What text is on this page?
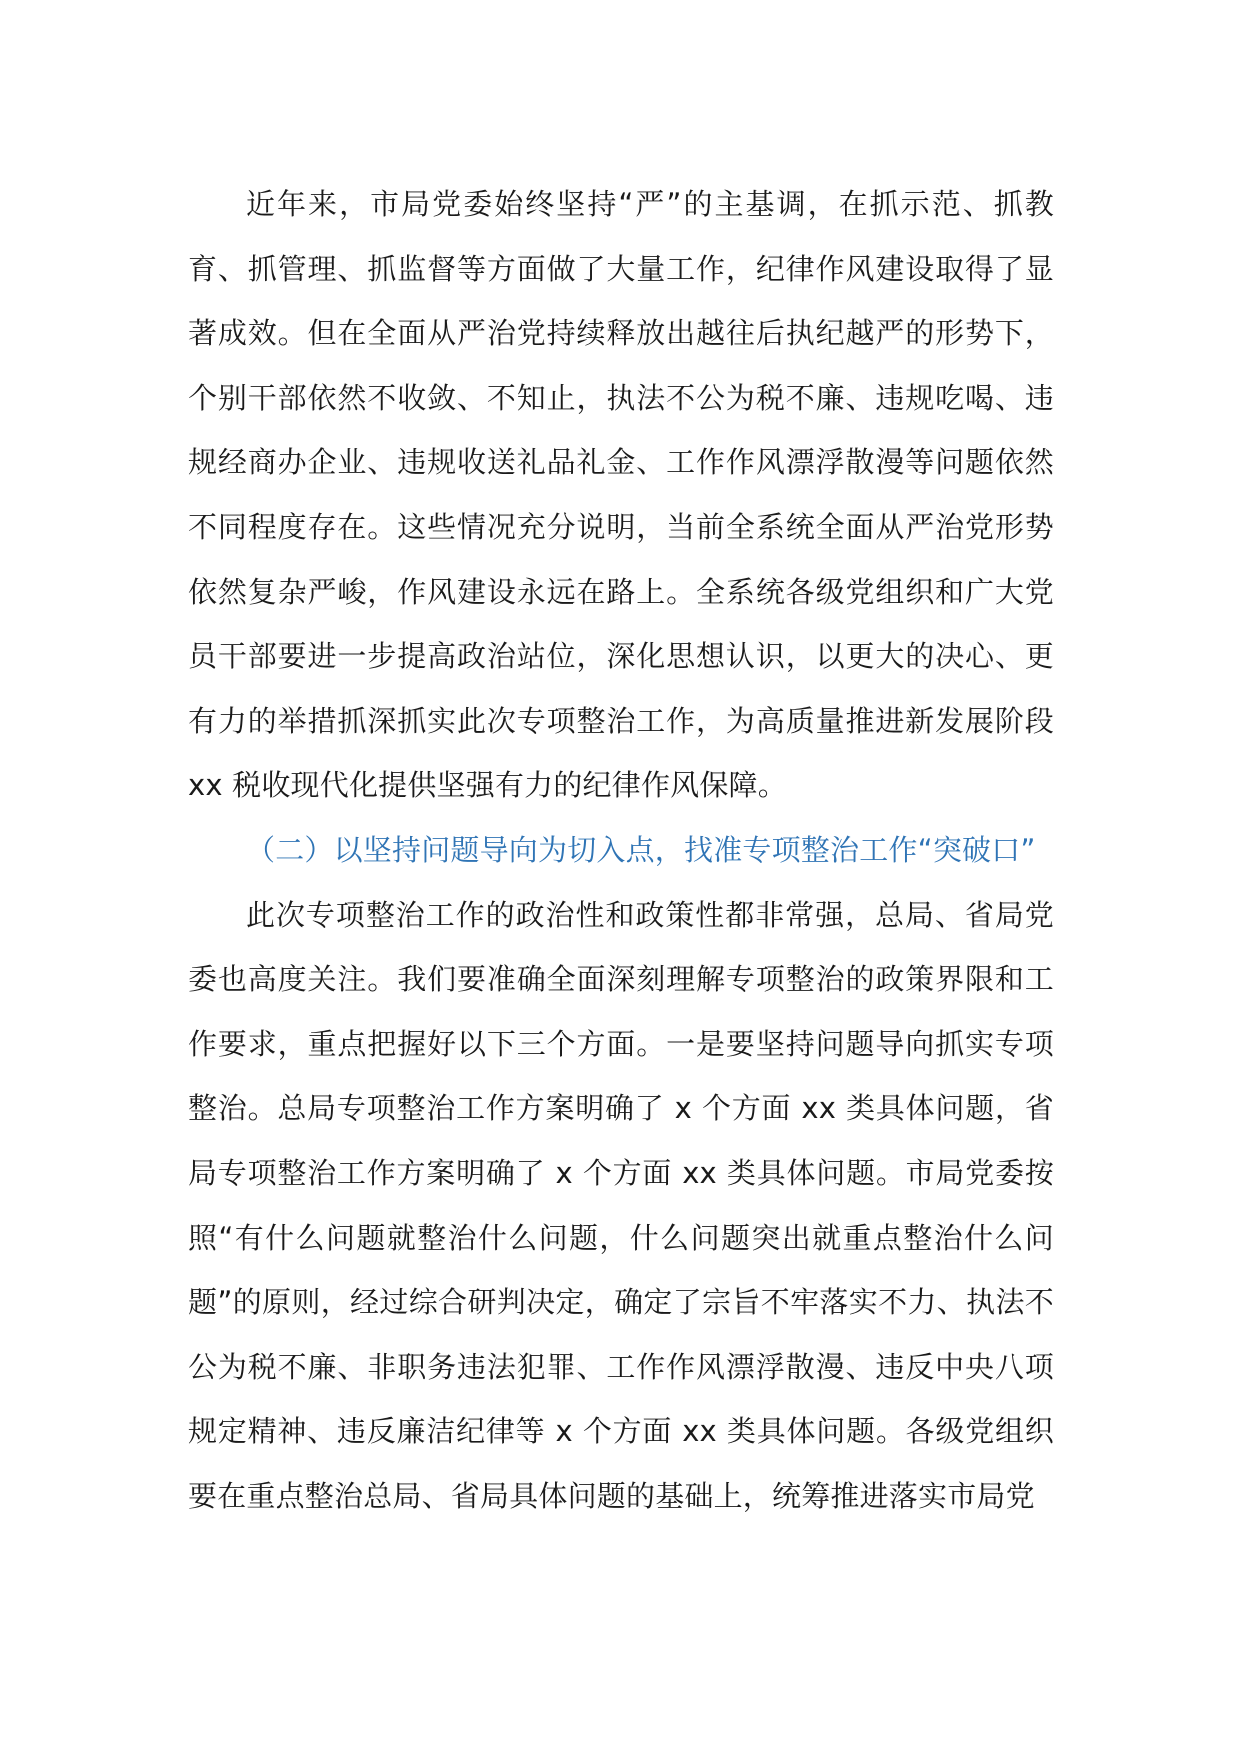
近年来，市局党委始终坚持“严”的主基调，在抓示范、抓教育、抓管理、抓监督等方面做了大量工作，纪律作风建设取得了显著成效。但在全面从严治党持续释放出越往后执纪越严的形势下，个别干部依然不收敛、不知止，执法不公为税不廉、违规吃喝、违规经商办企业、违规收送礼品礼金、工作作风漂浮散漫等问题依然不同程度存在。这些情况充分说明，当前全系统全面从严治党形势依然复杂严峻，作风建设永远在路上。全系统各级党组织和广大党员干部要进一步提高政治站位，深化思想认识，以更大的决心、更有力的举措抓深抓实此次专项整治工作，为高质量推进新发展阶段 xx 税收现代化提供坚强有力的纪律作风保障。

（二）以坚持问题导向为切入点，找准专项整治工作“突破口”

此次专项整治工作的政治性和政策性都非常强，总局、省局党委也高度关注。我们要准确全面深刻理解专项整治的政策界限和工作要求，重点把握好以下三个方面。一是要坚持问题导向抓实专项整治。总局专项整治工作方案明确了 x 个方面 xx 类具体问题，省局专项整治工作方案明确了 x 个方面 xx 类具体问题。市局党委按照“有什么问题就整治什么问题，什么问题突出就重点整治什么问题”的原则，经过综合研判决定，确定了宗旨不牢落实不力、执法不公为税不廉、非职务违法犯罪、工作作风漂浮散漫、违反中央八项规定精神、违反廉洁纪律等 x 个方面 xx 类具体问题。各级党组织要在重点整治总局、省局具体问题的基础上，统筹推进落实市局党
